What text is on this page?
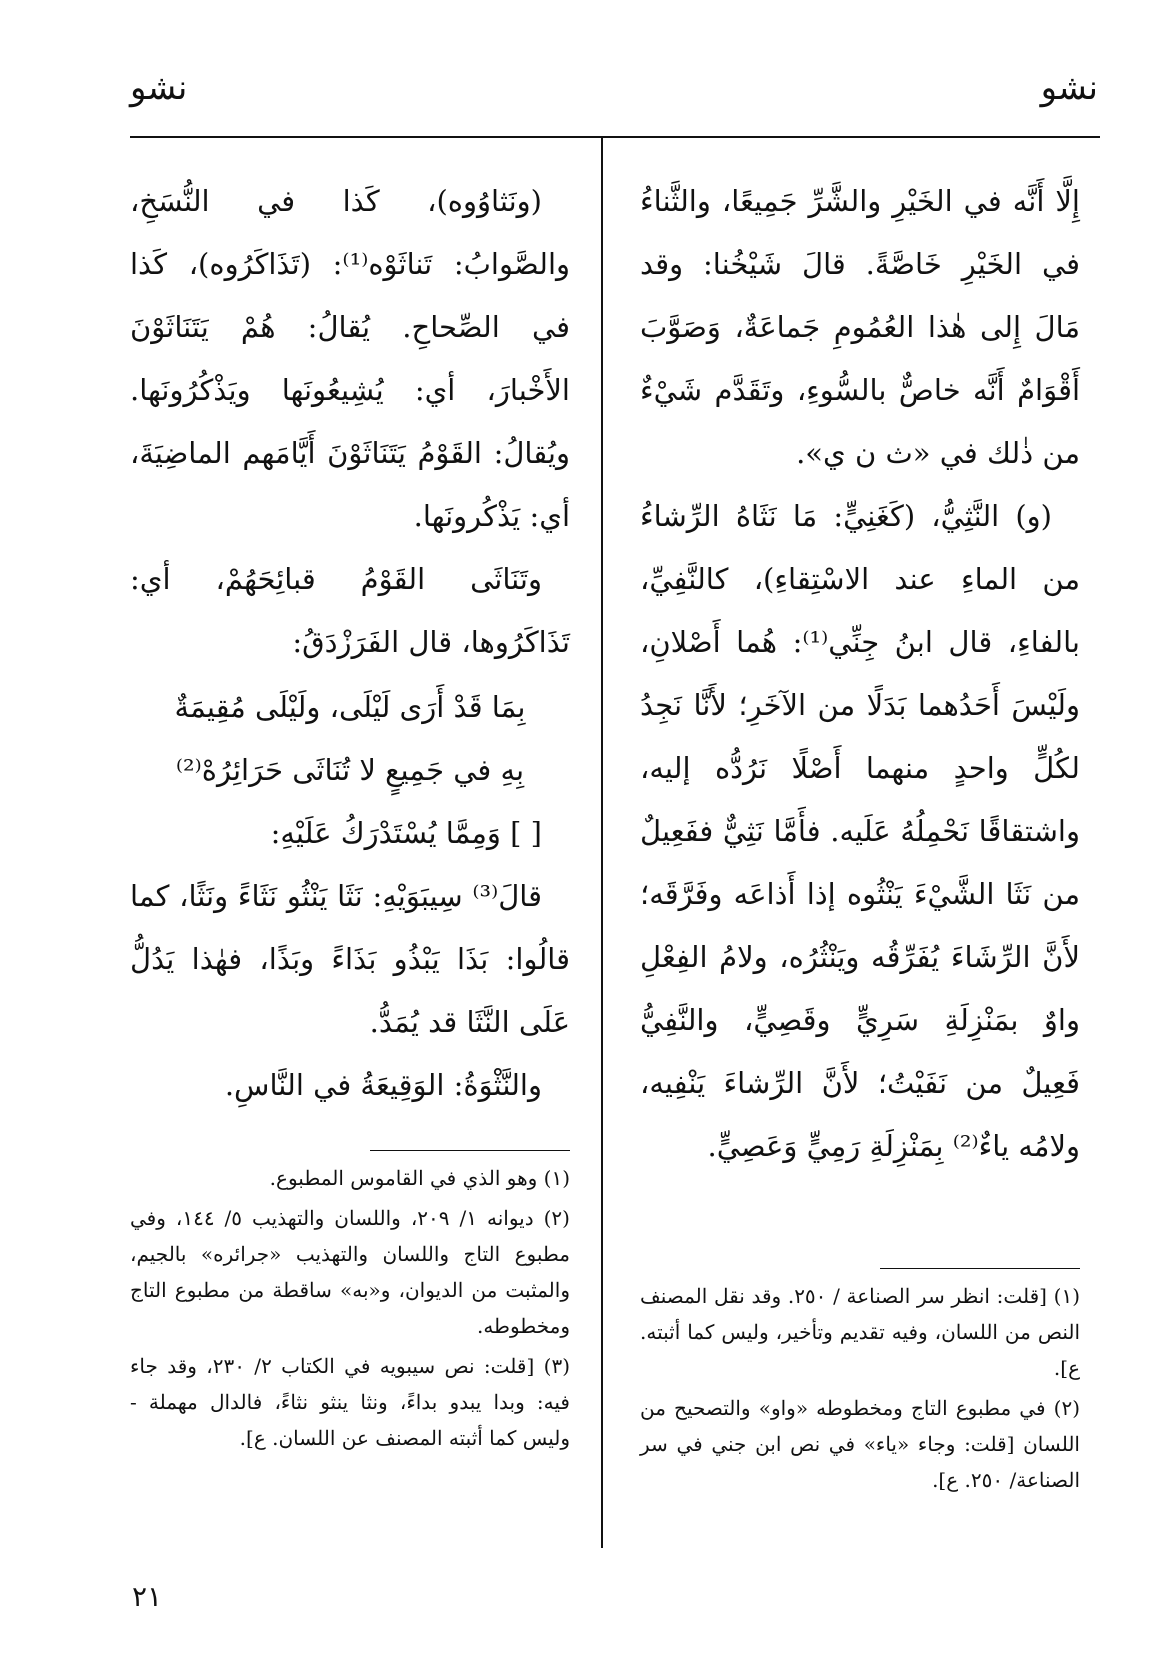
نشو
نشو

إِلَّا أَنَّه في الخَيْرِ والشَّرِّ جَمِيعًا، والثَّناءُ في الخَيْرِ خَاصَّةً. قالَ شَيْخُنا: وقد مَالَ إِلى هٰذا العُمُومِ جَماعَةٌ، وَصَوَّبَ أَقْوَامٌ أَنَّه خاصٌّ بالسُّوءِ، وتَقَدَّم شَيْءٌ من ذٰلك في «ث ن ي».

(و) النَّثِيُّ، (كَغَنِيٍّ: مَا نَثَاهُ الرِّشاءُ من الماءِ عند الاسْتِقاءِ)، كالنَّفِيِّ، بالفاءِ، قال ابنُ جِنِّي⁽¹⁾: هُما أَصْلانِ، ولَيْسَ أَحَدُهما بَدَلًا من الآخَرِ؛ لأَنَّا نَجِدُ لكُلٍّ واحدٍ منهما أَصْلًا نَرُدُّه إليه، واشتقاقًا نَحْمِلُهُ عَلَيه. فأَمَّا نَثِيٌّ ففَعِيلٌ من نَثَا الشَّيْءَ يَنْثُوه إذا أَذاعَه وفَرَّقَه؛ لأَنَّ الرِّشَاءَ يُفَرِّقُه ويَنْثُرُه، ولامُ الفِعْلِ واوٌ بمَنْزِلَةِ سَرِيٍّ وقَصِيٍّ، والنَّفِيُّ فَعِيلٌ من نَفَيْتُ؛ لأَنَّ الرِّشاءَ يَنْفِيه، ولامُه ياءٌ⁽²⁾ بِمَنْزِلَةِ رَمِيٍّ وَعَصِيٍّ.

(١) [قلت: انظر سر الصناعة / ٢٥٠. وقد نقل المصنف النص من اللسان، وفيه تقديم وتأخير، وليس كما أثبته. ع].

(٢) في مطبوع التاج ومخطوطه «واو» والتصحيح من اللسان [قلت: وجاء «ياء» في نص ابن جني في سر الصناعة/ ٢٥٠. ع].

(ونَثاوُوه)، كَذا في النُّسَخِ، والصَّوابُ: تَناثَوْه⁽¹⁾: (تَذَاكَرُوه)، كَذا في الصِّحاحِ. يُقالُ: هُمْ يَتَنَاثَوْنَ الأَخْبارَ، أي: يُشِيعُونَها ويَذْكُرُونَها. ويُقالُ: القَوْمُ يَتَنَاثَوْنَ أَيَّامَهم الماضِيَةَ، أي: يَذْكُرونَها.

وتَنَاثَى القَوْمُ قبائِحَهُمْ، أي: تَذَاكَرُوها، قال الفَرَزْدَقُ:

بِمَا قَدْ أَرَى لَيْلَى، ولَيْلَى مُقِيمَةٌ

بِهِ في جَمِيعٍ لا تُنَاثَى حَرَائِرُهْ⁽²⁾

[ ] وَمِمَّا يُسْتَدْرَكُ عَلَيْهِ:

قالَ⁽³⁾ سِيبَوَيْهِ: نَثَا يَنْثُو نَثَاءً ونَثًا، كما قالُوا: بَذَا يَبْذُو بَذَاءً وبَذًا، فهٰذا يَدُلُّ عَلَى النَّثَا قد يُمَدُّ.

والنَّثْوَةُ: الوَقِيعَةُ في النَّاسِ.

(١) وهو الذي في القاموس المطبوع.

(٢) ديوانه ١/ ٢٠٩، واللسان والتهذيب ٥/ ١٤٤، وفي مطبوع التاج واللسان والتهذيب «جرائره» بالجيم، والمثبت من الديوان، و«به» ساقطة من مطبوع التاج ومخطوطه.

(٣) [قلت: نص سيبويه في الكتاب ٢/ ٢٣٠، وقد جاء فيه: وبدا يبدو بداءً، ونثا ينثو نثاءً، فالدال مهملة - وليس كما أثبته المصنف عن اللسان. ع].

٢١
